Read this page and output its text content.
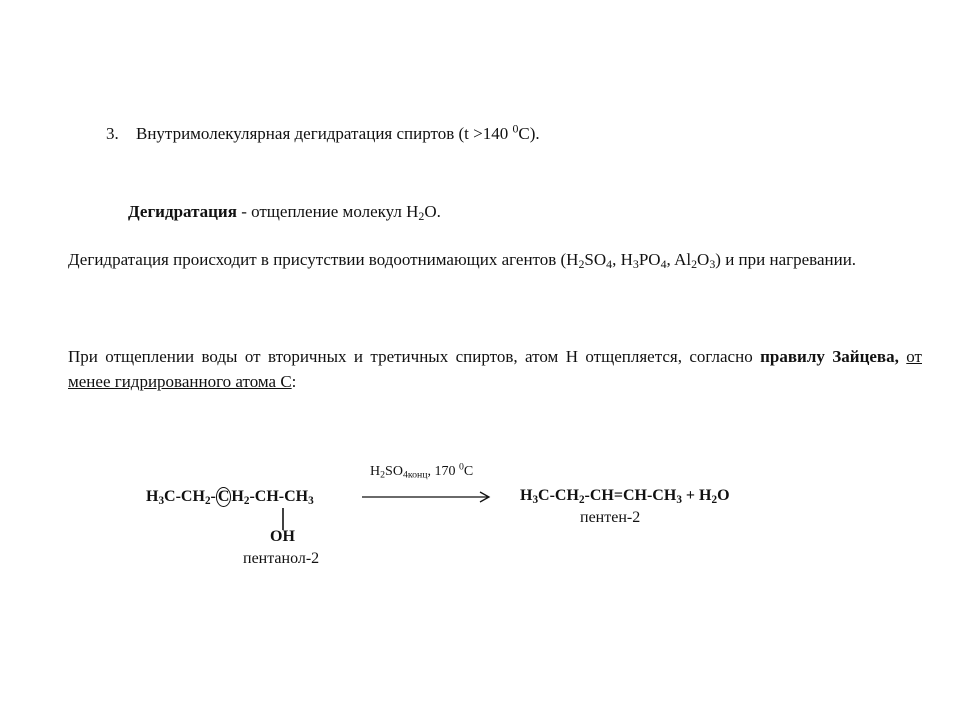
3. Внутримолекулярная дегидратация спиртов (t >140 $^0$C).
Дегидратация - отщепление молекул $H_2O$.
Дегидратация происходит в присутствии водоотнимающих агентов ($H_2SO_4$, $H_3PO_4$, $Al_2O_3$) и при нагревании.
При отщеплении воды от вторичных и третичных спиртов, атом H отщепляется, согласно правилу Зайцева, от менее гидрированного атома С:
$H_3C-CH_2-$ C $H_2-CH-CH_3$
OH
пентанол-2
$H_2SO_{4конц}$, 170 $^0$C
$H_3C-CH_2-CH=CH-CH_3 + H_2O$
пентен-2
